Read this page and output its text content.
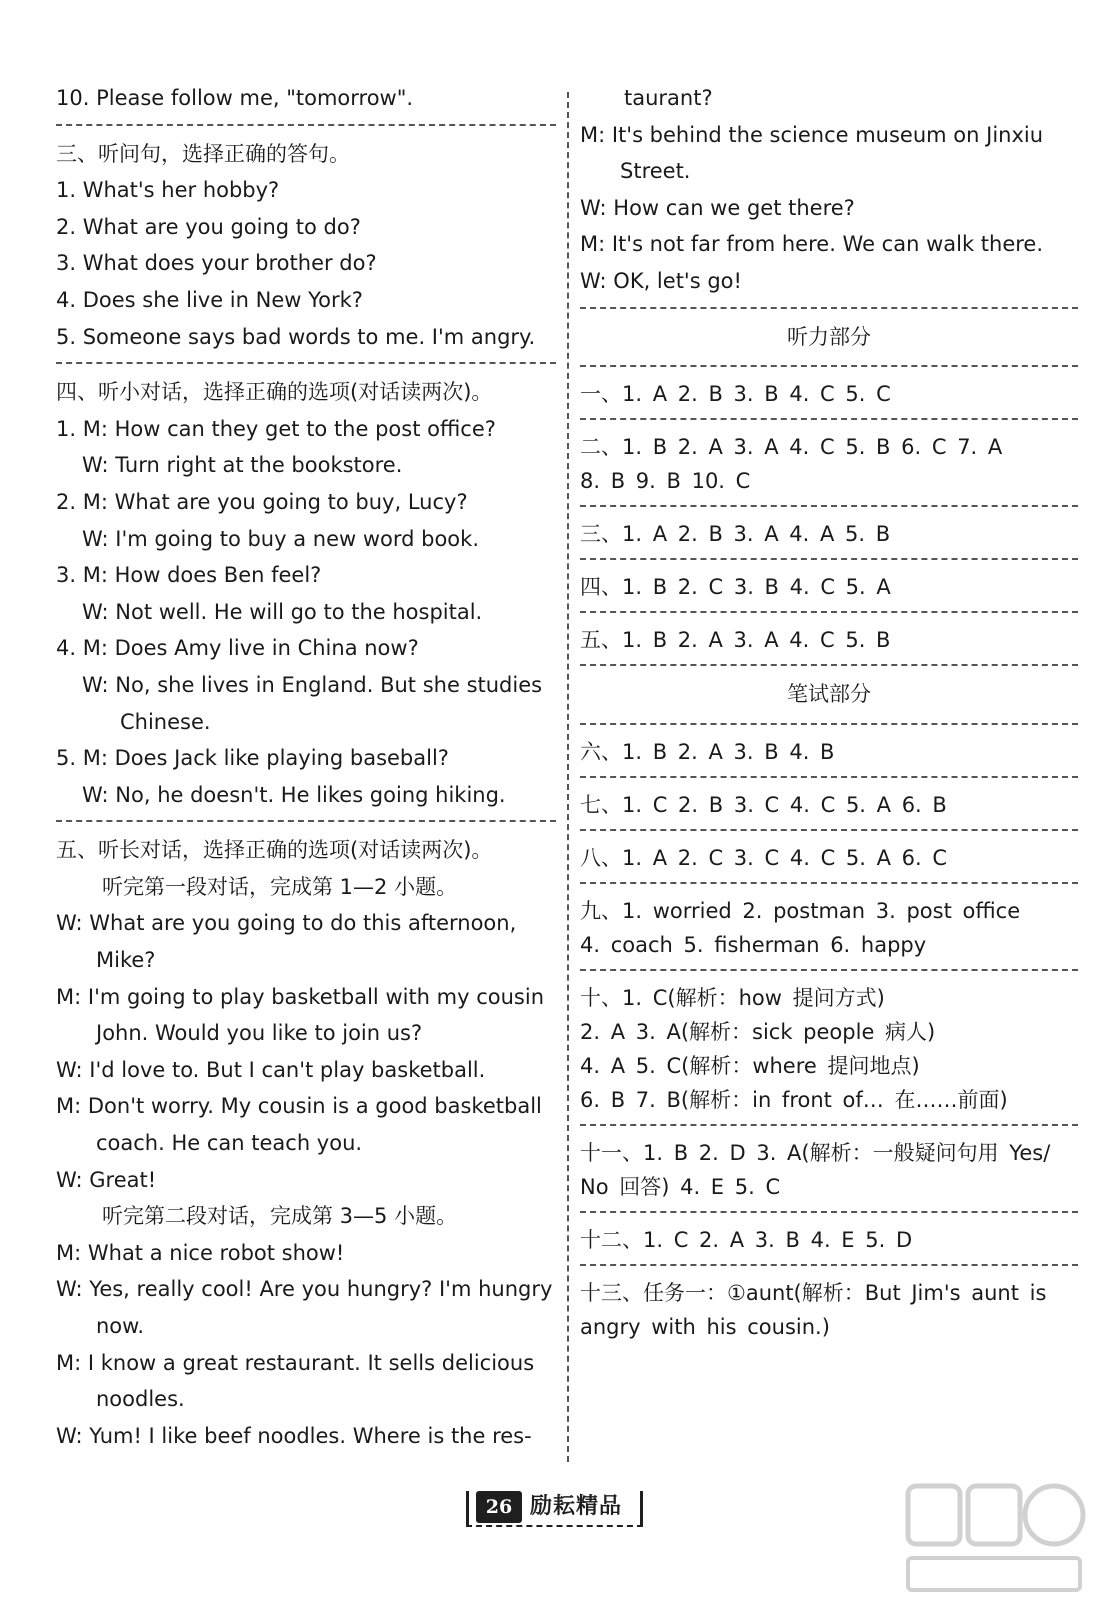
10. Please follow me, "tomorrow".
三、听问句，选择正确的答句。
1. What's her hobby?
2. What are you going to do?
3. What does your brother do?
4. Does she live in New York?
5. Someone says bad words to me. I'm angry.
四、听小对话，选择正确的选项(对话读两次)。
1. M: How can they get to the post office?
W: Turn right at the bookstore.
2. M: What are you going to buy, Lucy?
W: I'm going to buy a new word book.
3. M: How does Ben feel?
W: Not well. He will go to the hospital.
4. M: Does Amy live in China now?
W: No, she lives in England. But she studies
Chinese.
5. M: Does Jack like playing baseball?
W: No, he doesn't. He likes going hiking.
五、听长对话，选择正确的选项(对话读两次)。
听完第一段对话，完成第 1—2 小题。
W: What are you going to do this afternoon,
Mike?
M: I'm going to play basketball with my cousin
John. Would you like to join us?
W: I'd love to. But I can't play basketball.
M: Don't worry. My cousin is a good basketball
coach. He can teach you.
W: Great!
听完第二段对话，完成第 3—5 小题。
M: What a nice robot show!
W: Yes, really cool! Are you hungry? I'm hungry
now.
M: I know a great restaurant. It sells delicious
noodles.
W: Yum! I like beef noodles. Where is the res-
taurant?
M: It's behind the science museum on Jinxiu
Street.
W: How can we get there?
M: It's not far from here. We can walk there.
W: OK, let's go!
听力部分
一、1. A 2. B 3. B 4. C 5. C
二、1. B 2. A 3. A 4. C 5. B 6. C 7. A
8. B 9. B 10. C
三、1. A 2. B 3. A 4. A 5. B
四、1. B 2. C 3. B 4. C 5. A
五、1. B 2. A 3. A 4. C 5. B
笔试部分
六、1. B 2. A 3. B 4. B
七、1. C 2. B 3. C 4. C 5. A 6. B
八、1. A 2. C 3. C 4. C 5. A 6. C
九、1. worried 2. postman 3. post office
4. coach 5. fisherman 6. happy
十、1. C(解析：how 提问方式)
2. A 3. A(解析：sick people 病人)
4. A 5. C(解析：where 提问地点)
6. B 7. B(解析：in front of… 在……前面)
十一、1. B 2. D 3. A(解析：一般疑问句用 Yes/
No 回答) 4. E 5. C
十二、1. C 2. A 3. B 4. E 5. D
十三、任务一：①aunt(解析：But Jim's aunt is
angry with his cousin.)
26 励耘精品
